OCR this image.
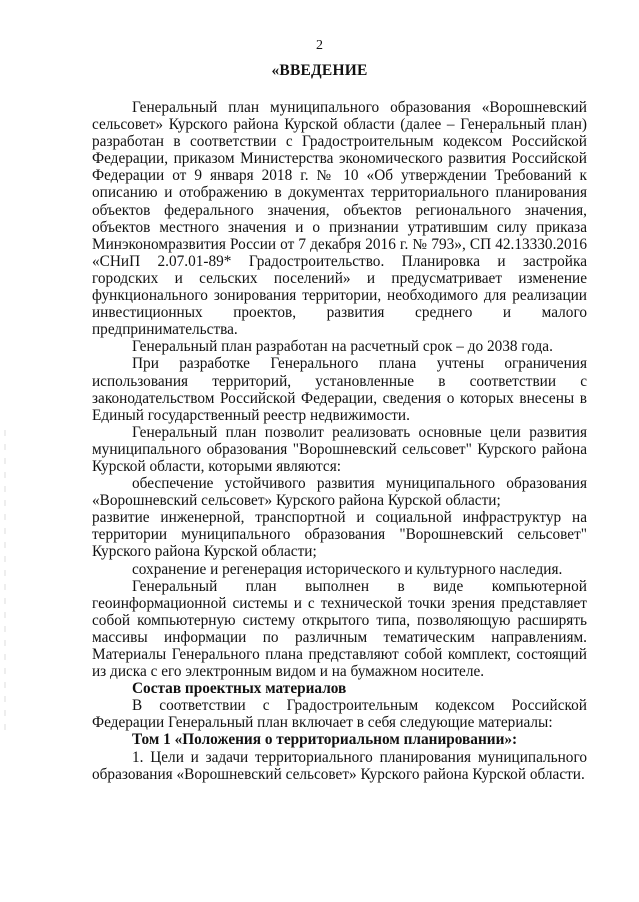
2
«ВВЕДЕНИЕ

Генеральный план муниципального образования «Ворошневский сельсовет» Курского района Курской области (далее – Генеральный план) разработан в соответствии с Градостроительным кодексом Российской Федерации, приказом Министерства экономического развития Российской Федерации от 9 января 2018 г. № 10 «Об утверждении Требований к описанию и отображению в документах территориального планирования объектов федерального значения, объектов регионального значения, объектов местного значения и о признании утратившим силу приказа Минэкономразвития России от 7 декабря 2016 г. № 793», СП 42.13330.2016 «СНиП 2.07.01-89* Градостроительство. Планировка и застройка городских и сельских поселений» и предусматривает изменение функционального зонирования территории, необходимого для реализации инвестиционных проектов, развития среднего и малого предпринимательства.

Генеральный план разработан на расчетный срок – до 2038 года.

При разработке Генерального плана учтены ограничения использования территорий, установленные в соответствии с законодательством Российской Федерации, сведения о которых внесены в Единый государственный реестр недвижимости.

Генеральный план позволит реализовать основные цели развития муниципального образования "Ворошневский сельсовет" Курского района Курской области, которыми являются:

обеспечение устойчивого развития муниципального образования «Ворошневский сельсовет» Курского района Курской области;

развитие инженерной, транспортной и социальной инфраструктур на территории муниципального образования "Ворошневский сельсовет" Курского района Курской области;

сохранение и регенерация исторического и культурного наследия.

Генеральный план выполнен в виде компьютерной геоинформационной системы и с технической точки зрения представляет собой компьютерную систему открытого типа, позволяющую расширять массивы информации по различным тематическим направлениям. Материалы Генерального плана представляют собой комплект, состоящий из диска с его электронным видом и на бумажном носителе.

Состав проектных материалов

В соответствии с Градостроительным кодексом Российской Федерации Генеральный план включает в себя следующие материалы:

Том 1 «Положения о территориальном планировании»:

1. Цели и задачи территориального планирования муниципального образования «Ворошневский сельсовет» Курского района Курской области.
